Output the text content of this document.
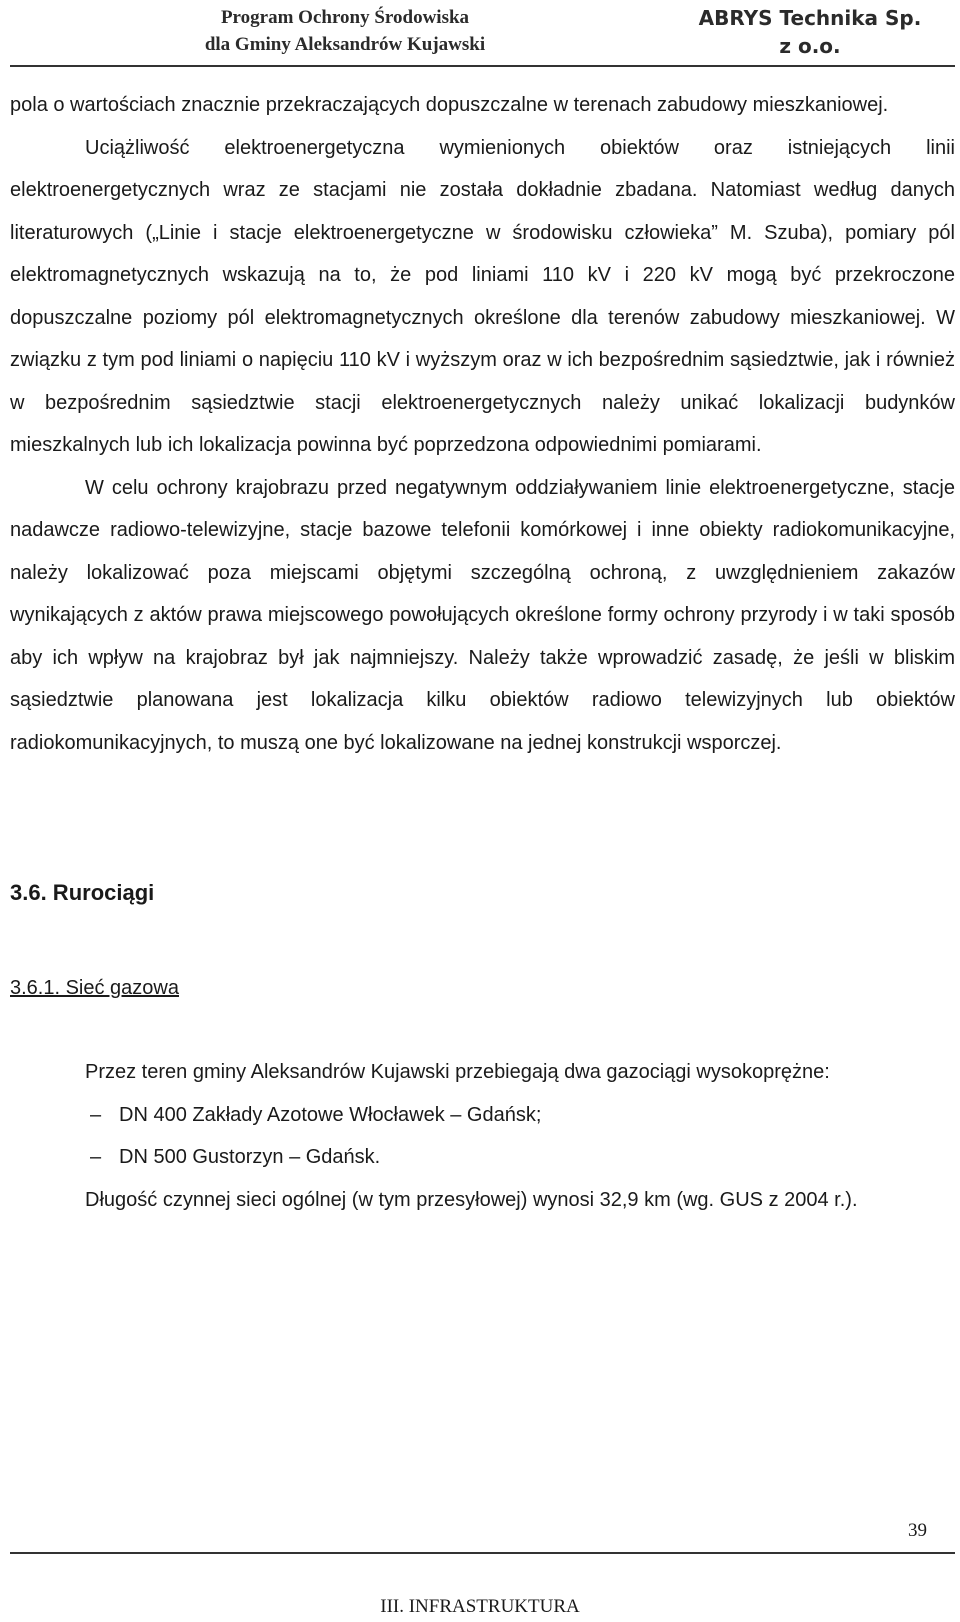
Program Ochrony Środowiska
dla Gminy Aleksandrów Kujawski
ABRYS Technika Sp.
z o.o.

pola o wartościach znacznie przekraczających dopuszczalne w terenach zabudowy mieszkaniowej.

Uciążliwość elektroenergetyczna wymienionych obiektów oraz istniejących linii elektroenergetycznych wraz ze stacjami nie została dokładnie zbadana. Natomiast według danych literaturowych („Linie i stacje elektroenergetyczne w środowisku człowieka” M. Szuba), pomiary pól elektromagnetycznych wskazują na to, że pod liniami 110 kV i 220 kV mogą być przekroczone dopuszczalne poziomy pól elektromagnetycznych określone dla terenów zabudowy mieszkaniowej. W związku z tym pod liniami o napięciu 110 kV i wyższym oraz w ich bezpośrednim sąsiedztwie, jak i również w bezpośrednim sąsiedztwie stacji elektroenergetycznych należy unikać lokalizacji budynków mieszkalnych lub ich lokalizacja powinna być poprzedzona odpowiednimi pomiarami.

W celu ochrony krajobrazu przed negatywnym oddziaływaniem linie elektroenergetyczne, stacje nadawcze radiowo-telewizyjne, stacje bazowe telefonii komórkowej i inne obiekty radiokomunikacyjne, należy lokalizować poza miejscami objętymi szczególną ochroną, z uwzględnieniem zakazów wynikających z aktów prawa miejscowego powołujących określone formy ochrony przyrody i w taki sposób aby ich wpływ na krajobraz był jak najmniejszy. Należy także wprowadzić zasadę, że jeśli w bliskim sąsiedztwie planowana jest lokalizacja kilku obiektów radiowo telewizyjnych lub obiektów radiokomunikacyjnych, to muszą one być lokalizowane na jednej konstrukcji wsporczej.

3.6. Rurociągi
3.6.1. Sieć gazowa

Przez teren gminy Aleksandrów Kujawski przebiegają dwa gazociągi wysokoprężne:

– DN 400 Zakłady Azotowe Włocławek – Gdańsk;
– DN 500 Gustorzyn – Gdańsk.

Długość czynnej sieci ogólnej (w tym przesyłowej) wynosi 32,9 km (wg. GUS z 2004 r.).

39
III. INFRASTRUKTURA
